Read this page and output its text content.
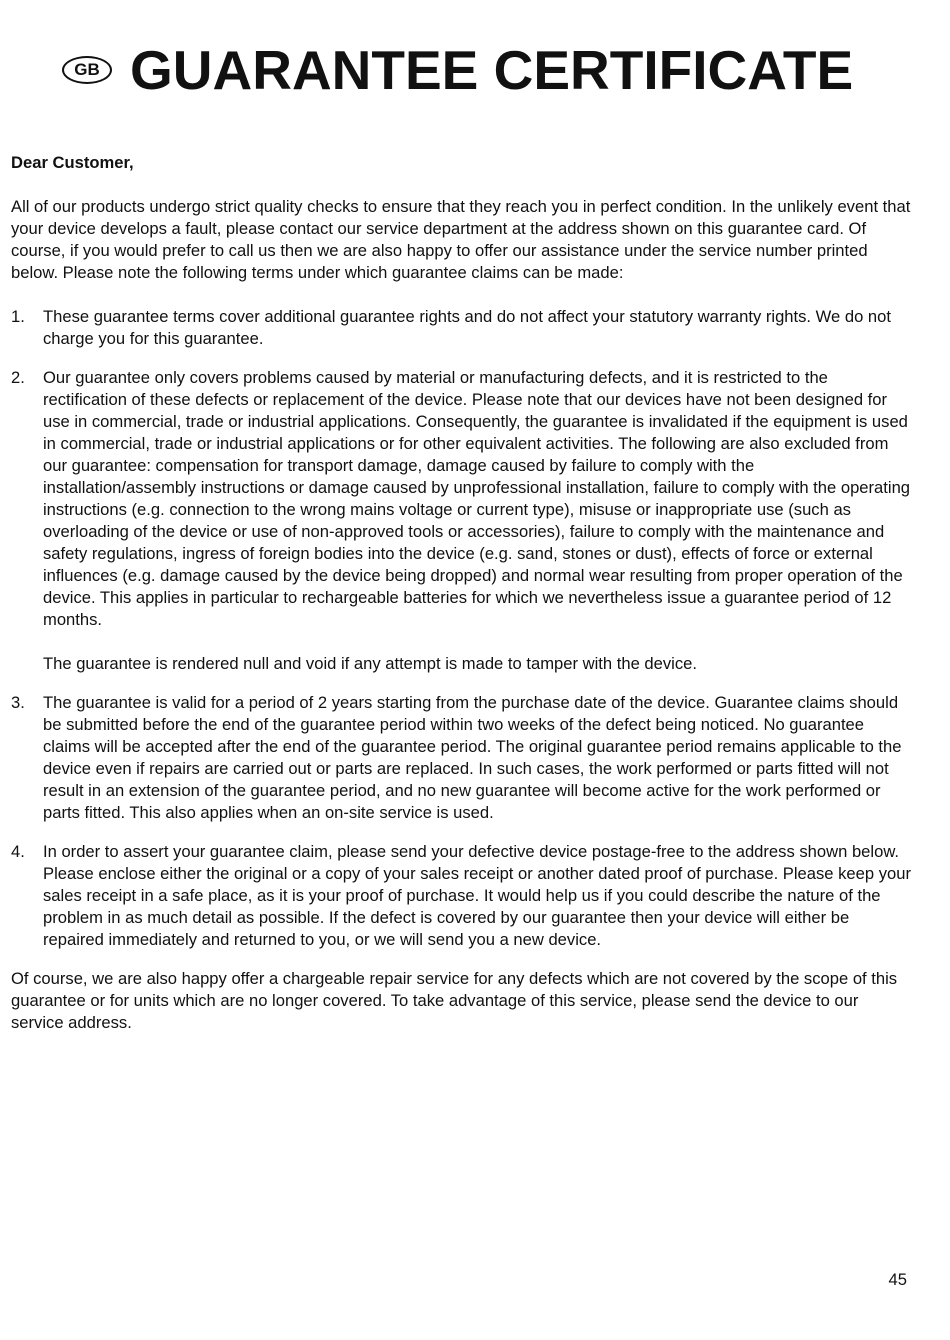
GB GUARANTEE CERTIFICATE

Dear Customer,

All of our products undergo strict quality checks to ensure that they reach you in perfect condition. In the unlikely event that your device develops a fault, please contact our service department at the address shown on this guarantee card. Of course, if you would prefer to call us then we are also happy to offer our assistance under the service number printed below. Please note the following terms under which guarantee claims can be made:

1.	These guarantee terms cover additional guarantee rights and do not affect your statutory warranty rights. We do not charge you for this guarantee.

2.	Our guarantee only covers problems caused by material or manufacturing defects, and it is restricted to the rectification of these defects or replacement of the device. Please note that our devices have not been designed for use in commercial, trade or industrial applications. Consequently, the guarantee is invalidated if the equipment is used in commercial, trade or industrial applications or for other equivalent activities. The following are also excluded from our guarantee: compensation for transport damage, damage caused by failure to comply with the installation/assembly instructions or damage caused by unprofessional installation, failure to comply with the operating instructions (e.g. connection to the wrong mains voltage or current type), misuse or inappropriate use (such as overloading of the device or use of non-approved tools or accessories), failure to comply with the maintenance and safety regulations, ingress of foreign bodies into the device (e.g. sand, stones or dust), effects of force or external influences (e.g. damage caused by the device being dropped) and normal wear resulting from proper operation of the device. This applies in particular to rechargeable batteries for which we nevertheless issue a guarantee period of 12 months.

The guarantee is rendered null and void if any attempt is made to tamper with the device.

3.	The guarantee is valid for a period of 2 years starting from the purchase date of the device. Guarantee claims should be submitted before the end of the guarantee period within two weeks of the defect being noticed. No guarantee claims will be accepted after the end of the guarantee period. The original guarantee period remains applicable to the device even if repairs are carried out or parts are replaced. In such cases, the work performed or parts fitted will not result in an extension of the guarantee period, and no new guarantee will become active for the work performed or parts fitted. This also applies when an on-site service is used.

4.	In order to assert your guarantee claim, please send your defective device postage-free to the address shown below. Please enclose either the original or a copy of your sales receipt or another dated proof of purchase. Please keep your sales receipt in a safe place, as it is your proof of purchase. It would help us if you could describe the nature of the problem in as much detail as possible. If the defect is covered by our guarantee then your device will either be repaired immediately and returned to you, or we will send you a new device.

Of course, we are also happy offer a chargeable repair service for any defects which are not covered by the scope of this guarantee or for units which are no longer covered. To take advantage of this service, please send the device to our service address.

45
